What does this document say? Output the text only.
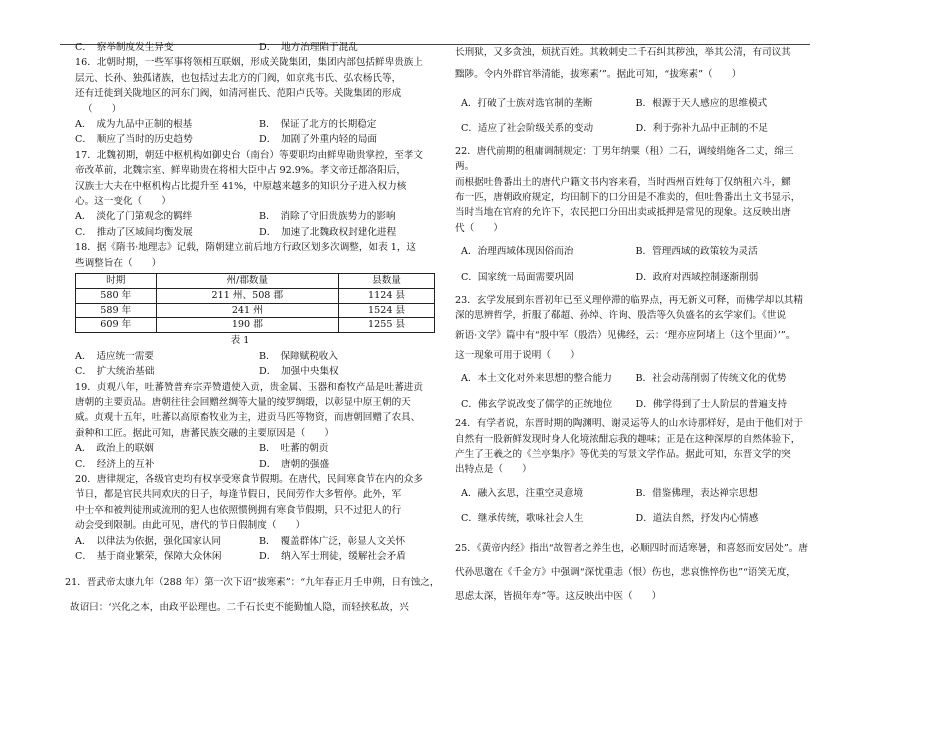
C．　察举制度发生异变	D．　地方治理陷于混乱

16．北朝时期，一些军事将领相互联姻，形成关陇集团，集团内部包括鲜卑贵族上

层元、长孙、独孤诸族，也包括过去北方的门阀，如京兆韦氏、弘农杨氏等，

还有迁徙到关陇地区的河东门阀，如清河崔氏、范阳卢氏等。关陇集团的形成

（　　）

A．　成为九品中正制的根基	B．　保证了北方的长期稳定
C．　顺应了当时的历史趋势	D．　加剧了外重内轻的局面

17．北魏初期，朝廷中枢机构如御史台（南台）等要职均由鲜卑勋贵掌控，至孝文

帝改革前，北魏宗室、鲜卑勋贵在将相大臣中占 92.9%。孝文帝迁都洛阳后，

汉族士大夫在中枢机构占比提升至 41%，中原越来越多的知识分子进入权力核

心。这一变化（　　）

A．　淡化了门第观念的羁绊	B．　消除了守旧贵族势力的影响
C．　推动了区域间均衡发展	D．　加速了北魏政权封建化进程

18．据《隋书·地理志》记载，隋朝建立前后地方行政区划多次调整，如表 1，这

些调整旨在（　　）

时期	州/郡数量	县数量
580 年	211 州、508 郡	1124 县
589 年	241 州	1524 县
609 年	190 郡	1255 县

表 1

A．　适应统一需要	B．　保障赋税收入
C．　扩大统治基础	D．　加强中央集权

19．贞观八年，吐蕃赞普弃宗弄赞遣使入贡，贵金属、玉器和畜牧产品是吐蕃进贡

唐朝的主要贡品。唐朝往往会回赠丝绸等大量的绫罗绸缎，以彰显中原王朝的天

威。贞观十五年，吐蕃以高原畜牧业为主，进贡马匹等物资，而唐朝回赠了农具、

蚕种和工匠。据此可知，唐蕃民族交融的主要原因是（　　）

A．　政治上的联姻	B．　吐蕃的朝贡
C．　经济上的互补	D．　唐朝的强盛

20．唐律规定，各级官吏均有权享受寒食节假期。在唐代，民间寒食节在内的众多

节日，都是官民共同欢庆的日子，每逢节假日，民间劳作大多暂停。此外，军

中士卒和被判徒刑或流刑的犯人也依照惯例拥有寒食节假期，只不过犯人的行

动会受到限制。由此可见，唐代的节日假制度（　　）

A．　以律法为依据，强化国家认同	B．　覆盖群体广泛，彰显人文关怀
C．　基于商业繁荣，保障大众休闲	D．　纳入军士刑徒，缓解社会矛盾

21．晋武帝太康九年（288 年）第一次下诏“拔寒素”：“九年春正月壬申朔，日有蚀之，

故诏曰：‘兴化之本，由政平讼理也。二千石长吏不能勤恤人隐，而轻挟私故，兴

长刑狱，又多贪浊，烦扰百姓。其敕刺史二千石纠其秽浊，举其公清，有司议其

黜陟。令内外群官举清能，拔寒素’”。据此可知，“拔寒素”（　　）

A．打破了士族对选官制的垄断	B．根源于天人感应的思维模式
C．适应了社会阶级关系的变动	D．利于弥补九品中正制的不足

22．唐代前期的租庸调制规定：丁男年纳粟（租）二石，调绫绢絁各二丈，绵三两。

而根据吐鲁番出土的唐代户籍文书内容来看，当时西州百姓每丁仅纳租六斗，鰥

布一匹，唐朝政府规定，均田制下的口分田是不准卖的，但吐鲁番出土文书显示，

当时当地在官府的允许下，农民把口分田出卖或抵押是常见的现象。这反映出唐

代（　　）

A．治理西域体现因俗而治	B．管理西域的政策较为灵活
C．国家统一局面需要巩固	D．政府对西域控制逐渐削弱

23．玄学发展到东晋初年已至义理停滞的临界点，再无新义可释，而佛学却以其精

深的思辨哲学，折服了郗超、孙绰、许询、殷浩等久负盛名的玄学家们。《世说

新语·文学》篇中有“殷中军（殷浩）见佛经，云：‘理亦应阿堵上（这个里面）’”。

这一现象可用于说明（　　）

A．本土文化对外来思想的整合能力	B．社会动荡削弱了传统文化的优势
C．佛玄学说改变了儒学的正统地位	D．佛学得到了士人阶层的普遍支持

24．有学者说，东晋时期的陶渊明、谢灵运等人的山水诗那样好，是由于他们对于

自然有一股新鲜发现时身人化境浓酣忘我的趣味；正是在这种深厚的自然体验下，

产生了王羲之的《兰亭集序》等优美的写景文学作品。据此可知，东晋文学的突

出特点是（　　）

A．融入玄思，注重空灵意境	B．借鉴佛理，表达禅宗思想
C．继承传统，歌咏社会人生	D．道法自然，抒发内心情感

25．《黄帝内经》指出“故智者之养生也，必顺四时而适寒暑，和喜怒而安居处”。唐

代孙思邈在《千金方》中强调“深忧重恚（恨）伤也，悲哀憔悴伤也”“语笑无度，

思虑太深，皆损年寿”等。这反映出中医（　　）
